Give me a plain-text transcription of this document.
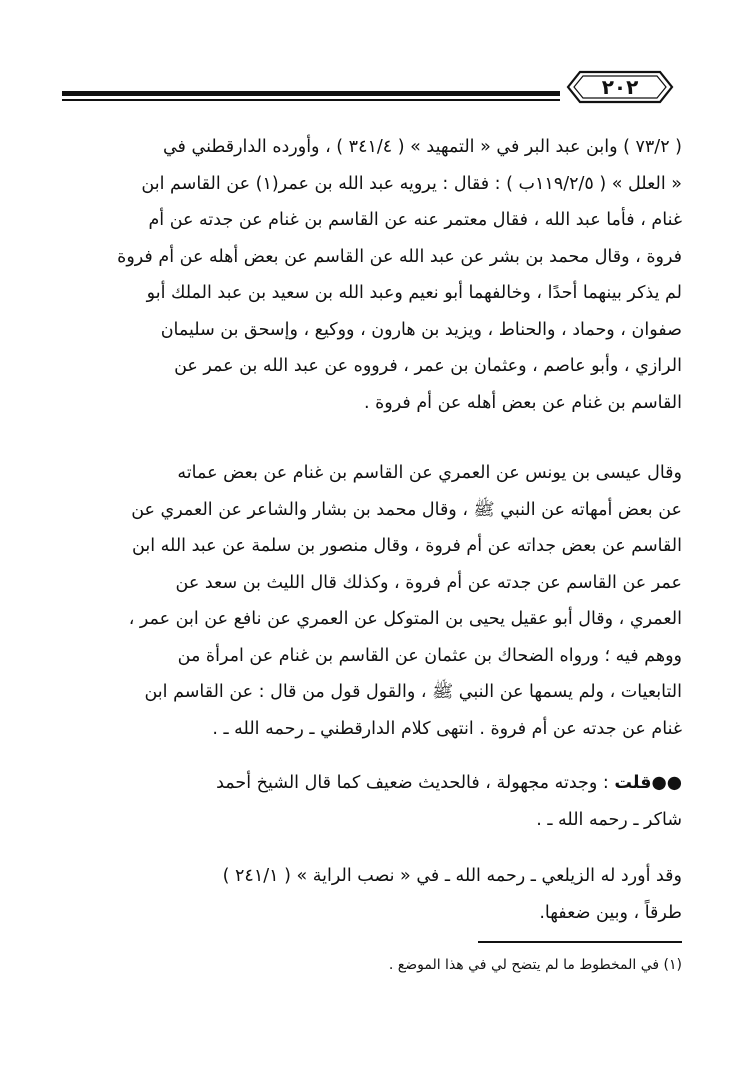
٢٠٢
( ٧٣/٢ ) وابن عبد البر في « التمهيد » ( ٣٤١/٤ ) ، وأورده الدارقطني في
« العلل » ( ١١٩/٢/٥ب ) : فقال : يرويه عبد الله بن عمر(١) عن القاسم ابن
غنام ، فأما عبد الله ، فقال معتمر عنه عن القاسم بن غنام عن جدته عن أم
فروة ، وقال محمد بن بشر عن عبد الله عن القاسم عن بعض أهله عن أم فروة
لم يذكر بينهما أحدًا ، وخالفهما أبو نعيم وعبد الله بن سعيد بن عبد الملك أبو
صفوان ، وحماد ، والحناط ، ويزيد بن هارون ، ووكيع ، وإسحق بن سليمان
الرازي ، وأبو عاصم ، وعثمان بن عمر ، فرووه عن عبد الله بن عمر عن
القاسم بن غنام عن بعض أهله عن أم فروة .
وقال عيسى بن يونس عن العمري عن القاسم بن غنام عن بعض عماته
عن بعض أمهاته عن النبي ﷺ ، وقال محمد بن بشار والشاعر عن العمري عن
القاسم عن بعض جداته عن أم فروة ، وقال منصور بن سلمة عن عبد الله ابن
عمر عن القاسم عن جدته عن أم فروة ، وكذلك قال الليث بن سعد عن
العمري ، وقال أبو عقيل يحيى بن المتوكل عن العمري عن نافع عن ابن عمر ،
ووهم فيه ؛ ورواه الضحاك بن عثمان عن القاسم بن غنام عن امرأة من
التابعيات ، ولم يسمها عن النبي ﷺ ، والقول قول من قال : عن القاسم ابن
غنام عن جدته عن أم فروة . انتهى كلام الدارقطني ـ رحمه الله ـ .
●●قلت : وجدته مجهولة ، فالحديث ضعيف كما قال الشيخ أحمد
شاكر ـ رحمه الله ـ .
وقد أورد له الزيلعي ـ رحمه الله ـ في « نصب الراية » ( ٢٤١/١ )
طرقاً ، وبين ضعفها.
(١) في المخطوط ما لم يتضح لي في هذا الموضع .
